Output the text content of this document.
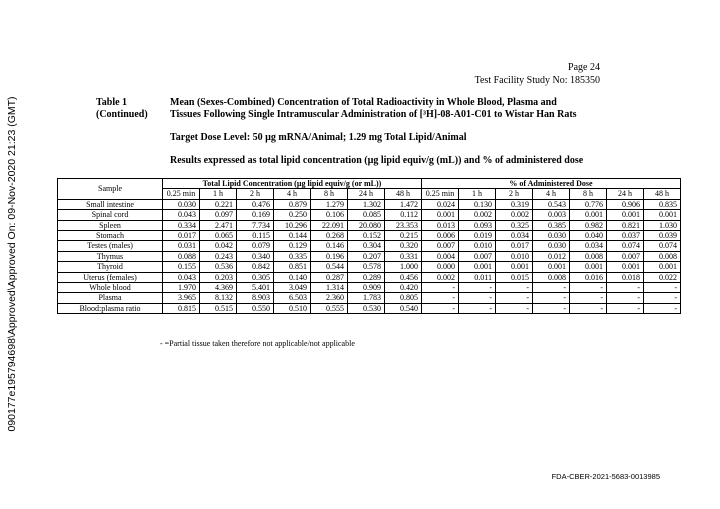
090177e195794698\Approved\Approved On: 09-Nov-2020 21:23 (GMT)
Page 24
Test Facility Study No: 185350
Table 1
(Continued)
Mean (Sexes-Combined) Concentration of Total Radioactivity in Whole Blood, Plasma and
Tissues Following Single Intramuscular Administration of [³H]-08-A01-C01 to Wistar Han Rats
Target Dose Level: 50 µg mRNA/Animal; 1.29 mg Total Lipid/Animal
Results expressed as total lipid concentration (µg lipid equiv/g (mL)) and % of administered dose
Sample	Total Lipid Concentration (µg lipid equiv/g (or mL))							% of Administered Dose						
	0.25 min	1 h	2 h	4 h	8 h	24 h	48 h	0.25 min	1 h	2 h	4 h	8 h	24 h	48 h
Small intestine	0.030	0.221	0.476	0.879	1.279	1.302	1.472	0.024	0.130	0.319	0.543	0.776	0.906	0.835
Spinal cord	0.043	0.097	0.169	0.250	0.106	0.085	0.112	0.001	0.002	0.002	0.003	0.001	0.001	0.001
Spleen	0.334	2.471	7.734	10.296	22.091	20.080	23.353	0.013	0.093	0.325	0.385	0.982	0.821	1.030
Stomach	0.017	0.065	0.115	0.144	0.268	0.152	0.215	0.006	0.019	0.034	0.030	0.040	0.037	0.039
Testes (males)	0.031	0.042	0.079	0.129	0.146	0.304	0.320	0.007	0.010	0.017	0.030	0.034	0.074	0.074
Thymus	0.088	0.243	0.340	0.335	0.196	0.207	0.331	0.004	0.007	0.010	0.012	0.008	0.007	0.008
Thyroid	0.155	0.536	0.842	0.851	0.544	0.578	1.000	0.000	0.001	0.001	0.001	0.001	0.001	0.001
Uterus (females)	0.043	0.203	0.305	0.140	0.287	0.289	0.456	0.002	0.011	0.015	0.008	0.016	0.018	0.022
Whole blood	1.970	4.369	5.401	3.049	1.314	0.909	0.420	-	-	-	-	-	-	-
Plasma	3.965	8.132	8.903	6.503	2.360	1.783	0.805	-	-	-	-	-	-	-
Blood:plasma ratio	0.815	0.515	0.550	0.510	0.555	0.530	0.540	-	-	-	-	-	-	-
- =Partial tissue taken therefore not applicable/not applicable
FDA-CBER-2021-5683-0013985
